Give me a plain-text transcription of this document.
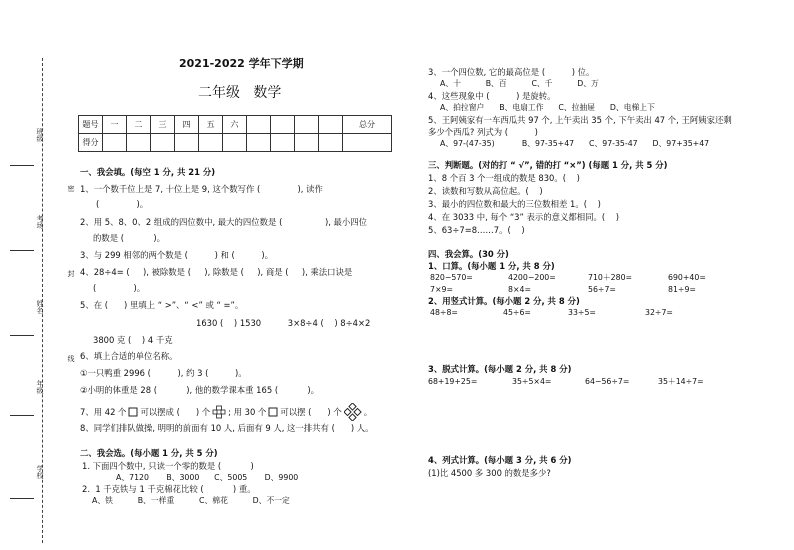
班级
考场
姓名
年级
学校
密
封
线
2021-2022 学年下学期
二年级   数学
题号	一	二	三	四	五	六					总分
得分											
一、我会填。(每空 1 分, 共 21 分)
1、一个数千位上是 7, 十位上是 9, 这个数写作 (              ), 读作
(              )。
2、用 5、8、0、2 组成的四位数中, 最大的四位数是 (                ), 最小四位
的数是 (           )。
3、与 299 相邻的两个数是 (          ) 和 (          )。
4、28÷4= (     ), 被除数是 (     ), 除数是 (     ), 商是 (     ), 乘法口诀是
(              )。
5、在 (      ) 里填上 “ >”、“ <” 或 “ =”。
1630 (    ) 1530          3×8÷4 (    ) 8÷4×2
3800 克 (    ) 4 千克
6、填上合适的单位名称。
①一只鸭重 2996 (          ), 约 3 (          )。
②小明的体重是 28 (           ), 他的数学课本重 165 (           )。
7、用 42 个 可以摆成 (      ) 个 ; 用 30 个 可以摆 (      ) 个	。
8、同学们排队做操, 明明的前面有 10 人, 后面有 9 人, 这一排共有 (      ) 人。
二、我会选。(每小题 1 分, 共 5 分)
1. 下面四个数中, 只读一个零的数是 (           )
A、7120       B、3000      C、5005       D、9900
2.  1 千克铁与 1 千克棉花比较 (           ) 重。
A、铁          B、一样重          C、棉花          D、不一定
3、一个四位数, 它的最高位是 (          ) 位。
A、十          B、百          C、千          D、万
4、这些现象中 (          ) 是旋转。
A、拍拉窗户      B、电扇工作      C、拉抽屉      D、电梯上下
5、王阿姨家有一车西瓜共 97 个, 上午卖出 35 个, 下午卖出 47 个, 王阿姨家还剩
多少个西瓜? 列式为 (          )
A、97-(47-35)           B、97-35+47      C、97-35-47      D、97+35+47
三、判断题。(对的打 “ √”, 错的打 “×”) (每题 1 分, 共 5 分)
1、8 个百 3 个一组成的数是 830。(    )
2、读数和写数从高位起。(    )
3、最小的四位数和最大的三位数相差 1。(    )
4、在 3033 中, 每个 “3” 表示的意义都相同。(    )
5、63÷7=8……7。(    )
四、我会算。(30 分)
1、口算。(每小题 1 分, 共 8 分)
820−570=	4200−200=	710＋280=	690+40=
7×9=	8×4=	56÷7=	81÷9=
2、用竖式计算。(每小题 2 分, 共 8 分)
48÷8=	45÷6=	33÷5=	32÷7=
3、脱式计算。(每小题 2 分, 共 8 分)
68+19+25=	35÷5×4=	64−56÷7=	35＋14÷7=
4、列式计算。(每小题 3 分, 共 6 分)
(1)比 4500 多 300 的数是多少?
